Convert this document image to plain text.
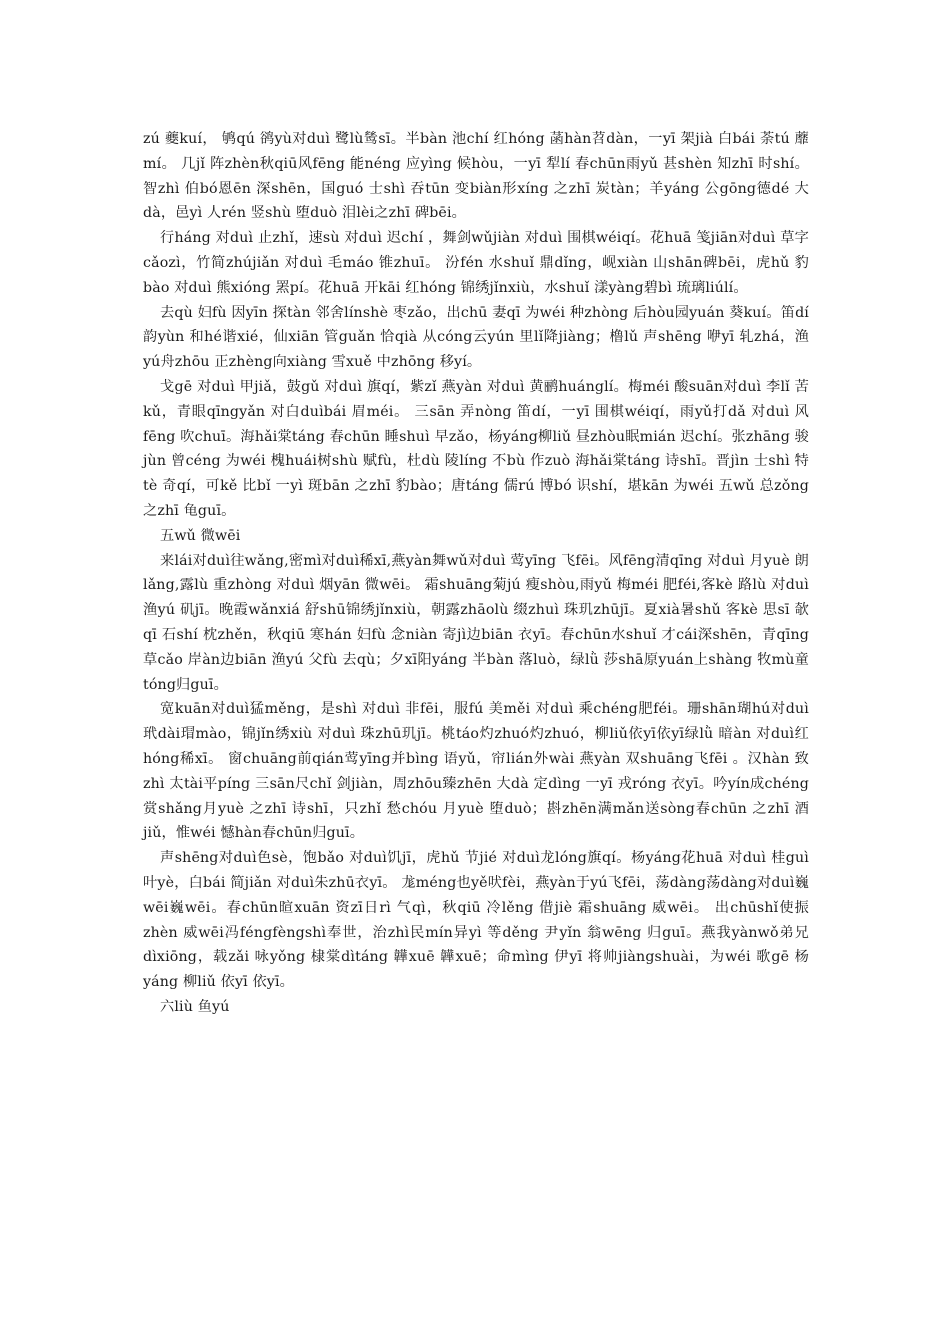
zú 夔kuí， 鸲qú 鹆yù对duì 鹭lù鸶sī。半bàn 池chí 红hóng 菡hàn苕dàn，一yī 架jià 白bái 荼tú 蘼mí。 几jǐ 阵zhèn秋qiū风fēng 能néng 应yìng 候hòu，一yī 犁lí 春chūn雨yǔ 甚shèn 知zhī 时shí。智zhì 伯bó恩ēn 深shēn，国guó 士shì 吞tūn 变biàn形xíng 之zhī 炭tàn；羊yáng 公gōng德dé 大dà，邑yì 人rén 竖shù 堕duò 泪lèi之zhī 碑bēi。

行háng 对duì 止zhǐ，速sù 对duì 迟chí ，舞剑wǔjiàn 对duì 围棋wéiqí。花huā 笺jiān对duì 草字cǎozì，竹简zhújiǎn 对duì 毛máo 锥zhuī。 汾fén 水shuǐ 鼎dǐng，岘xiàn 山shān碑bēi，虎hǔ 豹bào 对duì 熊xióng 罴pí。花huā 开kāi 红hóng 锦绣jǐnxiù，水shuǐ 漾yàng碧bì 琉璃liúlí。

去qù 妇fù 因yīn 探tàn 邻舍línshè 枣zǎo，出chū 妻qī 为wéi 种zhòng 后hòu园yuán 葵kuí。笛dí 韵yùn 和hé谐xié，仙xiān 管guǎn 恰qià 从cóng云yún 里lǐ降jiàng；橹lǔ 声shēng 咿yī 轧zhá，渔yú舟zhōu 正zhèng向xiàng 雪xuě 中zhōng 移yí。

戈gē 对duì 甲jiǎ，鼓gǔ 对duì 旗qí，紫zǐ 燕yàn 对duì 黄鹂huánglí。梅méi 酸suān对duì 李lǐ 苦kǔ，青眼qīngyǎn 对白duìbái 眉méi。 三sān 弄nòng 笛dí，一yī 围棋wéiqí，雨yǔ打dǎ 对duì 风fēng 吹chuī。海hǎi棠táng 春chūn 睡shuì 早zǎo，杨yáng柳liǔ 昼zhòu眠mián 迟chí。张zhāng 骏jùn 曾céng 为wéi 槐huái树shù 赋fù，杜dù 陵líng 不bù 作zuò 海hǎi棠táng 诗shī。晋jìn 士shì 特tè 奇qí，可kě 比bǐ 一yì 斑bān 之zhī 豹bào；唐táng 儒rú 博bó 识shí，堪kān 为wéi 五wǔ 总zǒng 之zhī 龟guī。

五wǔ 微wēi

来lái对duì往wǎng,密mì对duì稀xī,燕yàn舞wǔ对duì 莺yīng 飞fēi。风fēng清qīng 对duì 月yuè 朗lǎng,露lù 重zhòng 对duì 烟yān 微wēi。 霜shuāng菊jú 瘦shòu,雨yǔ 梅méi 肥féi,客kè 路lù 对duì 渔yú 矶jī。晚霞wǎnxiá 舒shū锦绣jǐnxiù，朝露zhāolù 缀zhuì 珠玑zhūjī。夏xià暑shǔ 客kè 思sī 欹qī 石shí 枕zhěn，秋qiū 寒hán 妇fù 念niàn 寄jì边biān 衣yī。春chūn水shuǐ 才cái深shēn，青qīng草cǎo 岸àn边biān 渔yú 父fù 去qù；夕xī阳yáng 半bàn 落luò，绿lǜ 莎shā原yuán上shàng 牧mù童tóng归guī。

宽kuān对duì猛měng，是shì 对duì 非fēi，服fú 美měi 对duì 乘chéng肥féi。珊shān瑚hú对duì 玳dài瑁mào，锦jǐn绣xiù 对duì 珠zhū玑jī。桃táo灼zhuó灼zhuó，柳liǔ依yī依yī绿lǜ 暗àn 对duì红hóng稀xī。 窗chuāng前qián莺yīng并bìng 语yǔ，帘lián外wài 燕yàn 双shuāng飞fēi 。汉hàn 致zhì 太tài平píng 三sān尺chǐ 剑jiàn，周zhōu臻zhēn 大dà 定dìng 一yī 戎róng 衣yī。吟yín成chéng赏shǎng月yuè 之zhī 诗shī，只zhǐ 愁chóu 月yuè 堕duò；斟zhēn满mǎn送sòng春chūn 之zhī 酒jiǔ，惟wéi 憾hàn春chūn归guī。

声shēng对duì色sè，饱bǎo 对duì饥jī，虎hǔ 节jié 对duì龙lóng旗qí。杨yáng花huā 对duì 桂guì 叶yè，白bái 简jiǎn 对duì朱zhū衣yī。 尨méng也yě吠fèi，燕yàn于yú飞fēi，荡dàng荡dàng对duì巍wēi巍wēi。春chūn暄xuān 资zī日rì 气qì，秋qiū 冷lěng 借jiè 霜shuāng 威wēi。 出chūshǐ使振zhèn 威wēi冯féngfèngshì奉世，治zhì民mín异yì 等děng 尹yǐn 翁wēng 归guī。燕我yànwǒ弟兄dìxiōng，载zǎi 咏yǒng 棣棠dìtáng 韡xuē 韡xuē；命mìng 伊yī 将帅jiàngshuài，为wéi 歌gē 杨yáng 柳liǔ 依yī 依yī。

六liù 鱼yú
